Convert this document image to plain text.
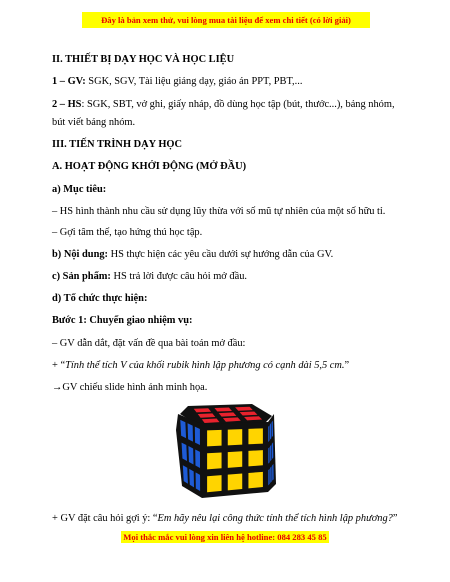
Đây là bản xem thử, vui lòng mua tài liệu để xem chi tiết (có lời giải)
II. THIẾT BỊ DẠY HỌC VÀ HỌC LIỆU
1 – GV: SGK, SGV, Tài liệu giảng dạy, giáo án PPT, PBT,...
2 – HS: SGK, SBT, vở ghi, giấy nháp, đồ dùng học tập (bút, thước...), bảng nhóm,
bút viết bảng nhóm.
III. TIẾN TRÌNH DẠY HỌC
A. HOẠT ĐỘNG KHỞI ĐỘNG (MỞ ĐẦU)
a) Mục tiêu:
– HS hình thành nhu cầu sử dụng lũy thừa với số mũ tự nhiên của một số hữu tỉ.
– Gợi tâm thế, tạo hứng thú học tập.
b) Nội dung: HS thực hiện các yêu cầu dưới sự hướng dẫn của GV.
c) Sản phẩm: HS trả lời được câu hỏi mở đầu.
d) Tổ chức thực hiện:
Bước 1: Chuyển giao nhiệm vụ:
– GV dẫn dắt, đặt vấn đề qua bài toán mở đầu:
+ “Tính thể tích V của khối rubik hình lập phương có cạnh dài 5,5 cm.”
→GV chiếu slide hình ảnh minh họa.
+ GV đặt câu hỏi gợi ý: “Em hãy nêu lại công thức tính thể tích hình lập phương?”
Mọi thắc mắc vui lòng xin liên hệ hotline: 084 283 45 85
